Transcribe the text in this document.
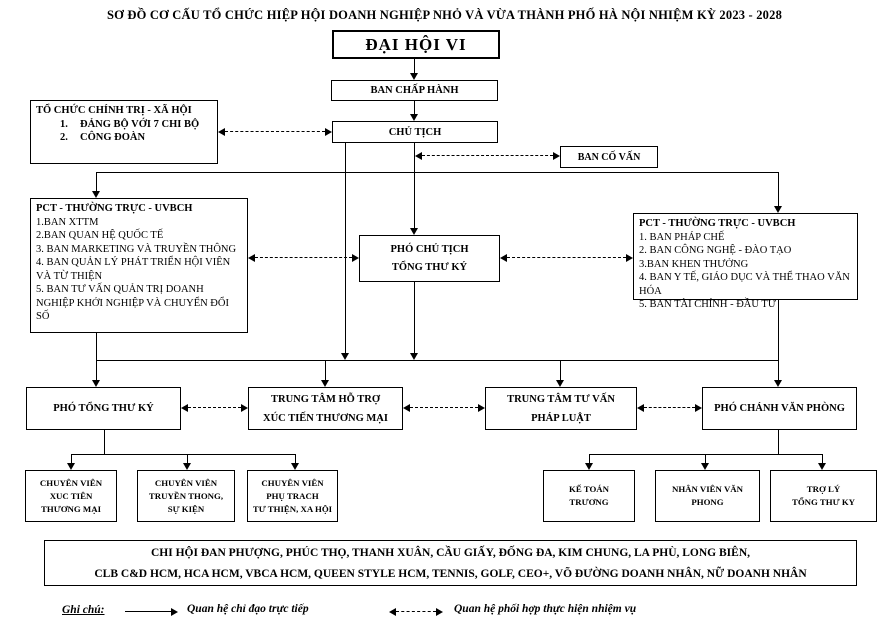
SƠ ĐỒ CƠ CẤU TỔ CHỨC HIỆP HỘI DOANH NGHIỆP NHỎ VÀ VỪA THÀNH PHỐ HÀ NỘI NHIỆM KỲ 2023 - 2028
ĐẠI HỘI VI
BAN CHẤP HÀNH
CHỦ TỊCH
TỔ CHỨC CHÍNH TRỊ - XÃ HỘI
1.	ĐẢNG BỘ VỚI 7 CHI BỘ
2.	CÔNG ĐOÀN
BAN CỐ VẤN
PCT - THƯỜNG TRỰC - UVBCH
1.BAN XTTM
2.BAN QUAN HỆ QUỐC TẾ
3. BAN MARKETING VÀ TRUYỀN THÔNG
4. BAN QUẢN LÝ PHÁT TRIỂN HỘI VIÊN VÀ TỪ THIỆN
5. BAN TƯ VẤN QUẢN TRỊ DOANH NGHIỆP KHỞI NGHIỆP VÀ CHUYỂN ĐỔI SỐ
PHÓ CHỦ TỊCH
TỔNG THƯ KÝ
PCT - THƯỜNG TRỰC - UVBCH
1. BAN PHÁP CHẾ
2. BAN CÔNG NGHỆ - ĐÀO TẠO
3.BAN KHEN THƯỞNG
4. BAN Y TẾ, GIÁO DỤC VÀ THỂ THAO VĂN HÓA
5. BAN TÀI CHÍNH - ĐẦU TƯ
PHÓ TỔNG THƯ KÝ
TRUNG TÂM HỖ TRỢ
XÚC TIẾN THƯƠNG MẠI
TRUNG TÂM TƯ VẤN
PHÁP LUẬT
PHÓ CHÁNH VĂN PHÒNG
CHUYÊN VIÊN
XUC TIÊN
THƯƠNG MẠI
CHUYÊN VIÊN
TRUYỀN THONG,
SỰ KIỆN
CHUYÊN VIÊN
PHỤ TRACH
TƯ THIỆN, XA HỘI
KẾ TOÁN
TRƯƠNG
NHÂN VIÊN VĂN
PHONG
TRỢ LÝ
TỔNG THƯ KY
CHI HỘI ĐAN PHƯỢNG, PHÚC THỌ, THANH XUÂN, CẦU GIẤY, ĐỐNG ĐA, KIM CHUNG, LA PHÙ, LONG BIÊN,
CLB C&D HCM, HCA HCM, VBCA HCM, QUEEN STYLE HCM, TENNIS, GOLF, CEO+, VÕ ĐƯỜNG DOANH NHÂN, NỮ DOANH NHÂN
Ghi chú:	Quan hệ chỉ đạo trực tiếp	Quan hệ phối hợp thực hiện nhiệm vụ
